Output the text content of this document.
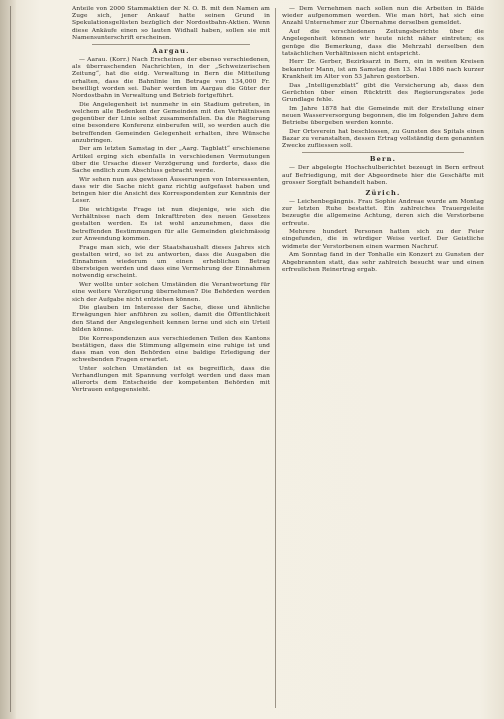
Anteile von 2000 Stammaktien der N. O. B. mit den Namen am Zuge sich, jener Ankauf hatte seinen Grund in Spekulationsgelüsten bezüglich der Nordostbahn-Aktien. Wenn diese Ankäufe einen so lauten Widhall haben, sollen sie mit Namensunterschrift erscheinen.

Aargau.

— Aarau. (Korr.) Nach Erscheinen der ebenso verschiedenen, als überraschenden Nachrichten, in der „Schweizerischen Zeitung“, hat die eidg. Verwaltung in Bern die Mitteilung erhalten, dass die Bahnlinie im Betrage von 134,000 Fr. bewilligt worden sei. Daher werden im Aargau die Güter der Nordostbahn in Verwaltung und Betrieb fortgeführt.

Die Angelegenheit ist nunmehr in ein Stadium getreten, in welchem alle Bedenken der Gemeinden mit den Verhältnissen gegenüber der Linie selbst zusammenfallen. Da die Regierung eine besondere Konferenz einberufen will, so werden auch die betreffenden Gemeinden Gelegenheit erhalten, ihre Wünsche anzubringen.

Der am letzten Samstag in der „Aarg. Tagblatt“ erschienene Artikel erging sich ebenfalls in verschiedenen Vermutungen über die Ursache dieser Verzögerung und forderte, dass die Sache endlich zum Abschluss gebracht werde.

Wir sehen nun aus gewissen Äusserungen von Interessenten, dass wir die Sache nicht ganz richtig aufgefasst haben und bringen hier die Ansicht des Korrespondenten zur Kenntnis der Leser.

Die wichtigste Frage ist nun diejenige, wie sich die Verhältnisse nach dem Inkrafttreten des neuen Gesetzes gestalten werden. Es ist wohl anzunehmen, dass die betreffenden Bestimmungen für alle Gemeinden gleichmässig zur Anwendung kommen.

Frage man sich, wie der Staatshaushalt dieses Jahres sich gestalten wird, so ist zu antworten, dass die Ausgaben die Einnahmen wiederum um einen erheblichen Betrag übersteigen werden und dass eine Vermehrung der Einnahmen notwendig erscheint.

Wer wollte unter solchen Umständen die Verantwortung für eine weitere Verzögerung übernehmen? Die Behörden werden sich der Aufgabe nicht entziehen können.

Die glauben im Interesse der Sache, diese und ähnliche Erwägungen hier anführen zu sollen, damit die Öffentlichkeit den Stand der Angelegenheit kennen lerne und sich ein Urteil bilden könne.

Die Korrespondenzen aus verschiedenen Teilen des Kantons bestätigen, dass die Stimmung allgemein eine ruhige ist und dass man von den Behörden eine baldige Erledigung der schwebenden Fragen erwartet.

Unter solchen Umständen ist es begreiflich, dass die Verhandlungen mit Spannung verfolgt werden und dass man allerorts dem Entscheide der kompetenten Behörden mit Vertrauen entgegensieht.

— Dem Vernehmen nach sollen nun die Arbeiten in Bälde wieder aufgenommen werden. Wie man hört, hat sich eine Anzahl Unternehmer zur Übernahme derselben gemeldet.

Auf die verschiedenen Zeitungsberichte über die Angelegenheit können wir heute nicht näher eintreten; es genüge die Bemerkung, dass die Mehrzahl derselben den tatsächlichen Verhältnissen nicht entspricht.

Herr Dr. Gerber, Bezirksarzt in Bern, ein in weiten Kreisen bekannter Mann, ist am Samstag den 13. Mai 1886 nach kurzer Krankheit im Alter von 53 Jahren gestorben.

Das „Intelligenzblatt“ gibt die Versicherung ab, dass den Gerüchten über einen Rücktritt des Regierungsrates jede Grundlage fehle.

Im Jahre 1878 hat die Gemeinde mit der Erstellung einer neuen Wasserversorgung begonnen, die im folgenden Jahre dem Betriebe übergeben werden konnte.

Der Ortsverein hat beschlossen, zu Gunsten des Spitals einen Bazar zu veranstalten, dessen Ertrag vollständig dem genannten Zwecke zufliessen soll.

Bern.

— Der abgelegte Hochschulberichtet bezeugt in Bern erfreut auf Befriedigung, mit der Abgeordnete hier die Geschäfte mit grosser Sorgfalt behandelt haben.

Zürich.

— Leichenbegängnis. Frau Sophie Andreae wurde am Montag zur letzten Ruhe bestattet. Ein zahlreiches Trauergeleite bezeugte die allgemeine Achtung, deren sich die Verstorbene erfreute.

Mehrere hundert Personen hatten sich zu der Feier eingefunden, die in würdiger Weise verlief. Der Geistliche widmete der Verstorbenen einen warmen Nachruf.

Am Sonntag fand in der Tonhalle ein Konzert zu Gunsten der Abgebrannten statt, das sehr zahlreich besucht war und einen erfreulichen Reinertrag ergab.
